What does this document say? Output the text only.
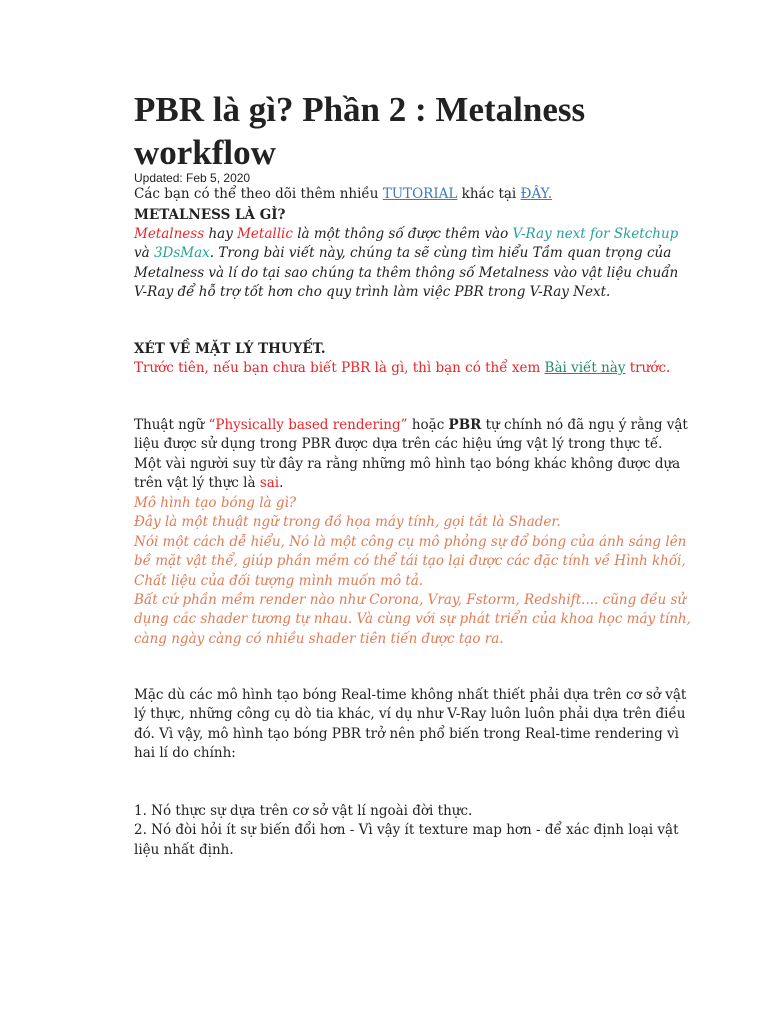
PBR là gì? Phần 2 : Metalness workflow
Updated: Feb 5, 2020

Các bạn có thể theo dõi thêm nhiều TUTORIAL khác tại ĐÂY.

METALNESS LÀ GÌ?

Metalness hay Metallic là một thông số được thêm vào V-Ray next for Sketchup và 3DsMax. Trong bài viết này, chúng ta sẽ cùng tìm hiểu Tầm quan trọng của Metalness và lí do tại sao chúng ta thêm thông số Metalness vào vật liệu chuẩn V-Ray để hỗ trợ tốt hơn cho quy trình làm việc PBR trong V-Ray Next.

XÉT VỀ MẶT LÝ THUYẾT.

Trước tiên, nếu bạn chưa biết PBR là gì, thì bạn có thể xem Bài viết này trước.

Thuật ngữ “Physically based rendering” hoặc PBR tự chính nó đã ngụ ý rằng vật liệu được sử dụng trong PBR được dựa trên các hiệu ứng vật lý trong thực tế. Một vài người suy từ đây ra rằng những mô hình tạo bóng khác không được dựa trên vật lý thực là sai.

Mô hình tạo bóng là gì?
Đây là một thuật ngữ trong đồ họa máy tính, gọi tắt là Shader.
Nói một cách dễ hiểu, Nó là một công cụ mô phỏng sự đổ bóng của ánh sáng lên bề mặt vật thể, giúp phần mềm có thể tái tạo lại được các đặc tính về Hình khối, Chất liệu của đối tượng mình muốn mô tả.
Bất cứ phần mềm render nào như Corona, Vray, Fstorm, Redshift.... cũng đều sử dụng các shader tương tự nhau. Và cùng với sự phát triển của khoa học máy tính, càng ngày càng có nhiều shader tiên tiến được tạo ra.

Mặc dù các mô hình tạo bóng Real-time không nhất thiết phải dựa trên cơ sở vật lý thực, những công cụ dò tia khác, ví dụ như V-Ray luôn luôn phải dựa trên điều đó. Vì vậy, mô hình tạo bóng PBR trở nên phổ biến trong Real-time rendering vì hai lí do chính:

1. Nó thực sự dựa trên cơ sở vật lí ngoài đời thực.
2. Nó đòi hỏi ít sự biến đổi hơn - Vì vậy ít texture map hơn - để xác định loại vật liệu nhất định.
